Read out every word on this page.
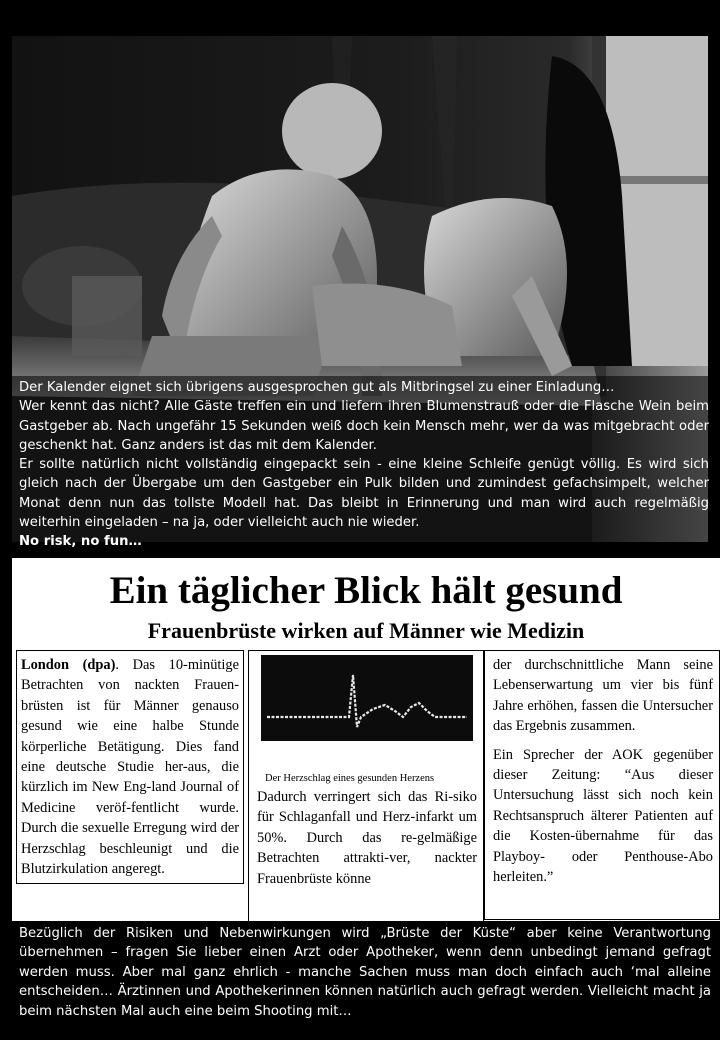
Der Kalender eignet sich übrigens ausgesprochen gut als Mitbringsel zu einer Einladung…

Wer kennt das nicht? Alle Gäste treffen ein und liefern ihren Blumenstrauß oder die Flasche Wein beim Gastgeber ab. Nach ungefähr 15 Sekunden weiß doch kein Mensch mehr, wer da was mitgebracht oder geschenkt hat. Ganz anders ist das mit dem Kalender.

Er sollte natürlich nicht vollständig eingepackt sein - eine kleine Schleife genügt völlig. Es wird sich gleich nach der Übergabe um den Gastgeber ein Pulk bilden und zumindest gefachsimpelt, welcher Monat denn nun das tollste Modell hat. Das bleibt in Erinnerung und man wird auch regelmäßig weiterhin eingeladen – na ja, oder vielleicht auch nie wieder.

No risk, no fun…

Ein täglicher Blick hält gesund
Frauenbrüste wirken auf Männer wie Medizin

London (dpa). Das 10-minütige Betrachten von nackten Frauen-brüsten ist für Männer genauso gesund wie eine halbe Stunde körperliche Betätigung. Dies fand eine deutsche Studie her-aus, die kürzlich im New Eng-land Journal of Medicine veröf-fentlicht wurde. Durch die sexuelle Erregung wird der Herzschlag beschleunigt und die Blutzirkulation angeregt.

Der Herzschlag eines gesunden Herzens
Dadurch verringert sich das Ri-siko für Schlaganfall und Herz-infarkt um 50%. Durch das re-gelmäßige Betrachten attrakti-ver, nackter Frauenbrüste könne

der durchschnittliche Mann seine Lebenserwartung um vier bis fünf Jahre erhöhen, fassen die Untersucher das Ergebnis zusammen.

Ein Sprecher der AOK gegenüber dieser Zeitung: “Aus dieser Untersuchung lässt sich noch kein Rechtsanspruch älterer Patienten auf die Kosten-übernahme für das Playboy- oder Penthouse-Abo herleiten.”

Bezüglich der Risiken und Nebenwirkungen wird „Brüste der Küste“ aber keine Verantwortung übernehmen – fragen Sie lieber einen Arzt oder Apotheker, wenn denn unbedingt jemand gefragt werden muss. Aber mal ganz ehrlich - manche Sachen muss man doch einfach auch ‘mal alleine entscheiden… Ärztinnen und Apothekerinnen können natürlich auch gefragt werden. Vielleicht macht ja beim nächsten Mal auch eine beim Shooting mit…
